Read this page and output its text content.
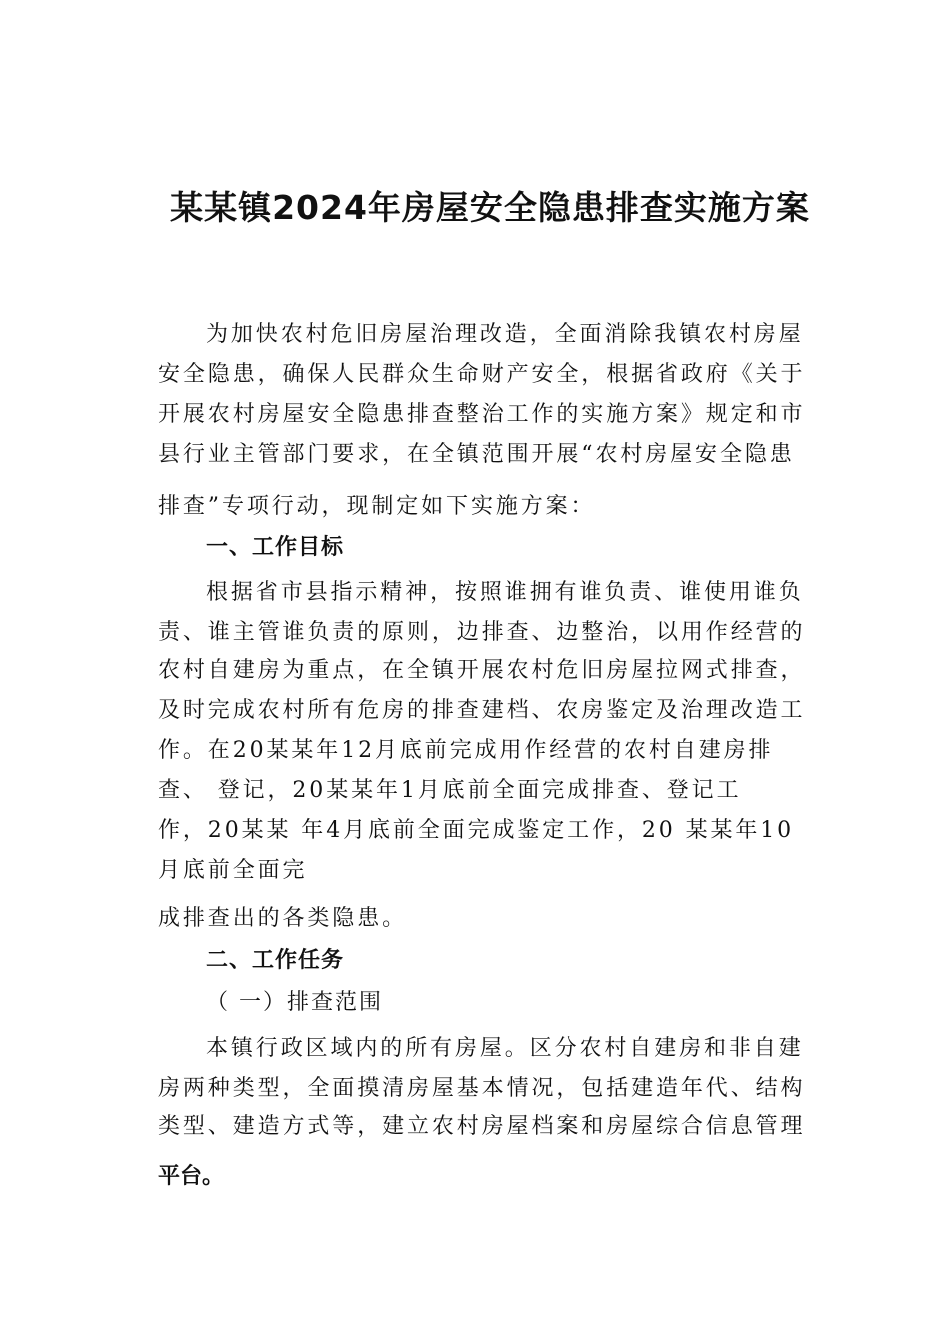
某某镇2024年房屋安全隐患排查实施方案
为加快农村危旧房屋治理改造，全面消除我镇农村房屋
安全隐患，确保人民群众生命财产安全，根据省政府《关于
开展农村房屋安全隐患排查整治工作的实施方案》规定和市
县行业主管部门要求，在全镇范围开展“农村房屋安全隐患
排查”专项行动，现制定如下实施方案：
一、工作目标
根据省市县指示精神，按照谁拥有谁负责、谁使用谁负
责、谁主管谁负责的原则，边排查、边整治，以用作经营的
农村自建房为重点，在全镇开展农村危旧房屋拉网式排查，
及时完成农村所有危房的排查建档、农房鉴定及治理改造工
作。在20某某年12月底前完成用作经营的农村自建房排
查、 登记，20某某年1月底前全面完成排查、登记工
作，20某某 年4月底前全面完成鉴定工作，20 某某年10
月底前全面完
成排查出的各类隐患。
二、工作任务
（ 一）排查范围
本镇行政区域内的所有房屋。区分农村自建房和非自建
房两种类型，全面摸清房屋基本情况，包括建造年代、结构
类型、建造方式等，建立农村房屋档案和房屋综合信息管理
平台。
